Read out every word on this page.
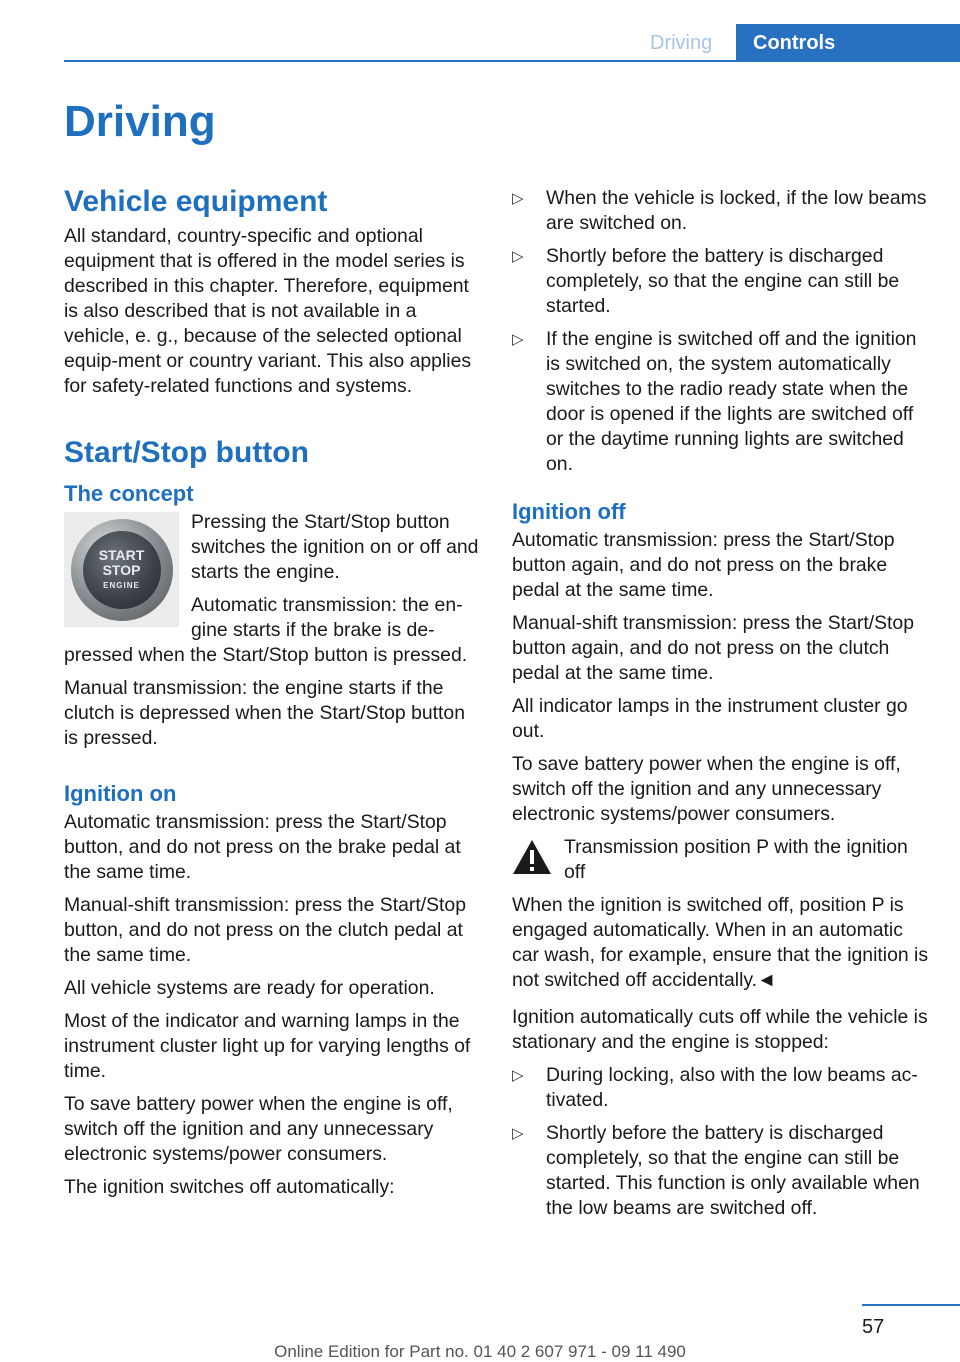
Driving	Controls
Driving
Vehicle equipment

All standard, country-specific and optional equipment that is offered in the model series is described in this chapter. Therefore, equipment is also described that is not available in a vehicle, e. g., because of the selected optional equip-ment or country variant. This also applies for safety-related functions and systems.

Start/Stop button
The concept
START
STOP
ENGINE

Pressing the Start/Stop button switches the ignition on or off and starts the engine.

Automatic transmission: the en-gine starts if the brake is de-pressed when the Start/Stop button is pressed.

Manual transmission: the engine starts if the clutch is depressed when the Start/Stop button is pressed.

Ignition on

Automatic transmission: press the Start/Stop button, and do not press on the brake pedal at the same time.

Manual-shift transmission: press the Start/Stop button, and do not press on the clutch pedal at the same time.

All vehicle systems are ready for operation.

Most of the indicator and warning lamps in the instrument cluster light up for varying lengths of time.

To save battery power when the engine is off, switch off the ignition and any unnecessary electronic systems/power consumers.

The ignition switches off automatically:

▷ When the vehicle is locked, if the low beams are switched on.
▷ Shortly before the battery is discharged completely, so that the engine can still be started.
▷ If the engine is switched off and the ignition is switched on, the system automatically switches to the radio ready state when the door is opened if the lights are switched off or the daytime running lights are switched on.
Ignition off

Automatic transmission: press the Start/Stop button again, and do not press on the brake pedal at the same time.

Manual-shift transmission: press the Start/Stop button again, and do not press on the clutch pedal at the same time.

All indicator lamps in the instrument cluster go out.

To save battery power when the engine is off, switch off the ignition and any unnecessary electronic systems/power consumers.

Transmission position P with the ignition off

When the ignition is switched off, position P is engaged automatically. When in an automatic car wash, for example, ensure that the ignition is not switched off accidentally.◄

Ignition automatically cuts off while the vehicle is stationary and the engine is stopped:

▷ During locking, also with the low beams ac-tivated.
▷ Shortly before the battery is discharged completely, so that the engine can still be started. This function is only available when the low beams are switched off.
57
Online Edition for Part no. 01 40 2 607 971 - 09 11 490
